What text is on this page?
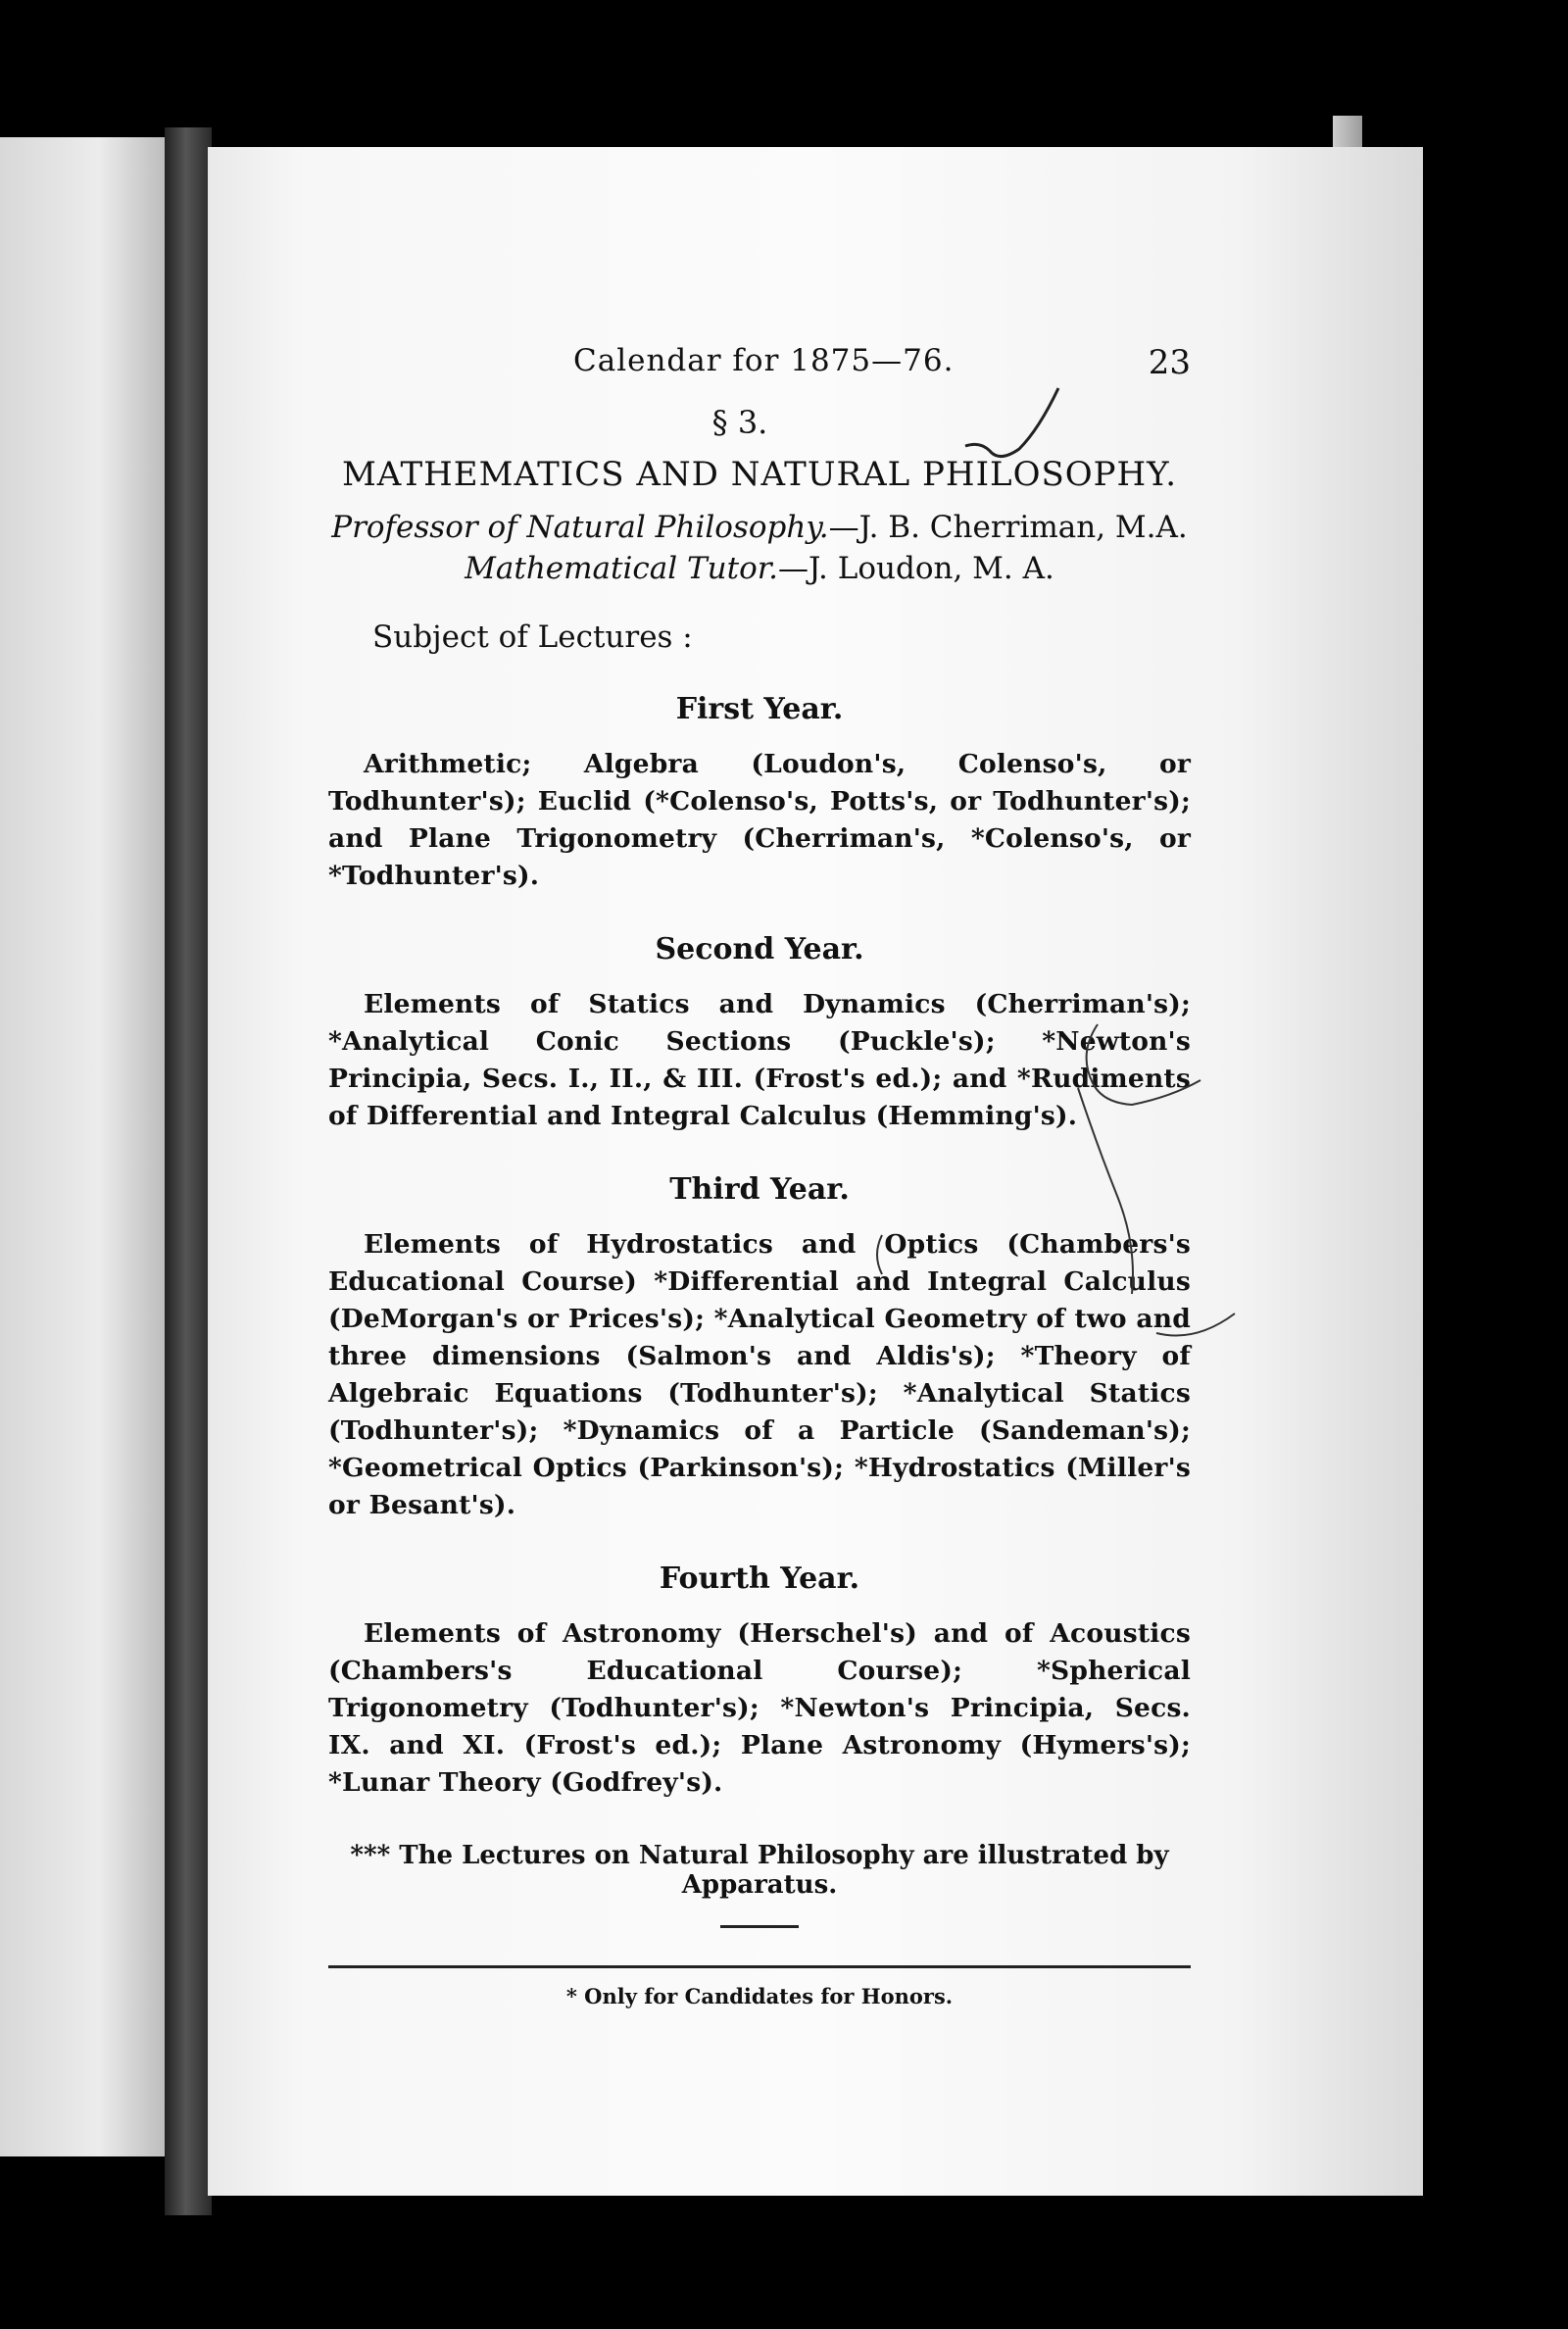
Calendar for 1875—76.	23
§ 3.
MATHEMATICS AND NATURAL PHILOSOPHY.
Professor of Natural Philosophy.—J. B. Cherriman, M.A.
Mathematical Tutor.—J. Loudon, M. A.
Subject of Lectures :
First Year.
Arithmetic; Algebra (Loudon's, Colenso's, or Todhunter's); Euclid (*Colenso's, Potts's, or Todhunter's); and Plane Trigonometry (Cherriman's, *Colenso's, or *Todhunter's).
Second Year.
Elements of Statics and Dynamics (Cherriman's); *Analytical Conic Sections (Puckle's); *Newton's Principia, Secs. I., II., & III. (Frost's ed.); and *Rudiments of Differential and Integral Calculus (Hemming's).
Third Year.
Elements of Hydrostatics and Optics (Chambers's Educational Course) *Differential and Integral Calculus (DeMorgan's or Prices's); *Analytical Geometry of two and three dimensions (Salmon's and Aldis's); *Theory of Algebraic Equations (Todhunter's); *Analytical Statics (Todhunter's); *Dynamics of a Particle (Sandeman's); *Geometrical Optics (Parkinson's); *Hydrostatics (Miller's or Besant's).
Fourth Year.
Elements of Astronomy (Herschel's) and of Acoustics (Chambers's Educational Course); *Spherical Trigonometry (Todhunter's); *Newton's Principia, Secs. IX. and XI. (Frost's ed.); Plane Astronomy (Hymers's); *Lunar Theory (Godfrey's).
*** The Lectures on Natural Philosophy are illustrated by Apparatus.
* Only for Candidates for Honors.
